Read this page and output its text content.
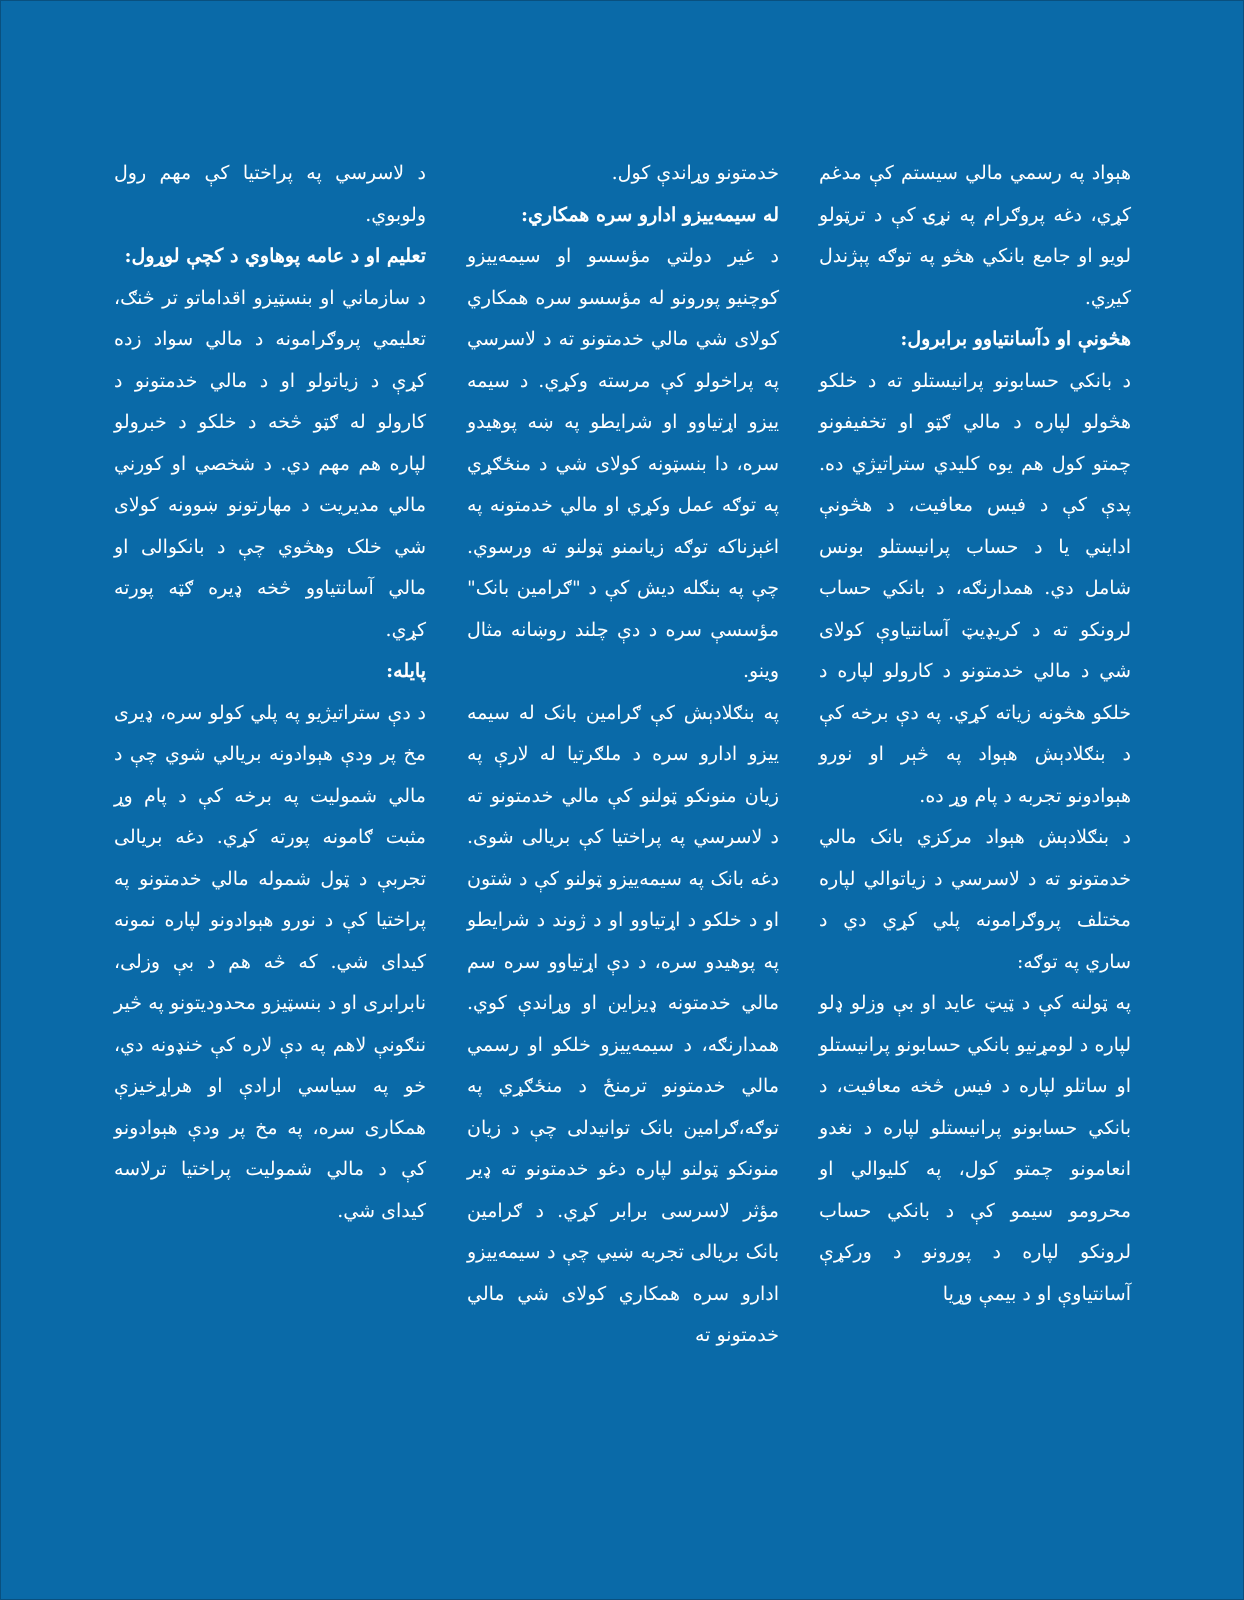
هېواد په رسمي مالي سيستم کې مدغم کړي، دغه پروګرام په نړۍ کې د ترټولو لويو او جامع بانکي هڅو په توګه پېژندل کيږي.

هڅونې او دآسانتياوو برابرول:

د بانکي حسابونو پرانيستلو ته د خلکو هڅولو لپاره د مالي ګټو او تخفيفونو چمتو کول هم يوه کليدي ستراتيژي ده. پدې کې د فيس معافيت، د هڅونې ادايني يا د حساب پرانيستلو بونس شامل دي. همدارنګه، د بانکي حساب لرونکو ته د کريډيټ آسانتياوې کولای شي د مالي خدمتونو د کارولو لپاره د خلکو هڅونه زياته کړي. په دې برخه کې د بنګلادېش هېواد په څېر او نورو هېوادونو تجربه د پام وړ ده.

د بنګلادېش هېواد مرکزي بانک مالي خدمتونو ته د لاسرسي د زياتوالي لپاره مختلف پروګرامونه پلي کړي دي د ساري په توګه:

په ټولنه کې د ټيټ عايد او بې وزلو ډلو لپاره د لومړنيو بانکي حسابونو پرانيستلو او ساتلو لپاره د فيس څخه معافيت، د بانکي حسابونو پرانيستلو لپاره د نغدو انعامونو چمتو کول، په کليوالي او محرومو سيمو کې د بانکي حساب لرونکو لپاره د پورونو د ورکړې آسانتياوې او د بيمې وړيا

خدمتونو وړاندې کول.

له سيمه‌ييزو ادارو سره همکاري:

د غير دولتي مؤسسو او سيمه‌ييزو کوچنيو پورونو له مؤسسو سره همکاري کولای شي مالي خدمتونو ته د لاسرسي په پراخولو کې مرسته وکړي. د سيمه ييزو اړتياوو او شرايطو په ښه پوهيدو سره، دا بنسټونه کولای شي د منځګړي په توګه عمل وکړي او مالي خدمتونه په اغېزناکه توګه زيانمنو ټولنو ته ورسوي. چې په بنګله ديش کې د "ګرامين بانک" مؤسسې سره د دې چلند روښانه مثال وينو.

په بنګلادېش کې ګرامين بانک له سيمه ييزو ادارو سره د ملګرتيا له لارې په زيان منونکو ټولنو کې مالي خدمتونو ته د لاسرسي په پراختيا کې بريالی شوی. دغه بانک په سيمه‌ييزو ټولنو کې د شتون او د خلکو د اړتياوو او د ژوند د شرايطو په پوهيدو سره، د دې اړتياوو سره سم مالي خدمتونه ډيزاين او وړاندې کوي. همدارنګه، د سيمه‌ييزو خلکو او رسمي مالي خدمتونو ترمنځ د منځګړي په توګه،ګرامين بانک توانيدلی چې د زيان منونکو ټولنو لپاره دغو خدمتونو ته ډير مؤثر لاسرسی برابر کړي. د ګرامين بانک بريالی تجربه ښيي چې د سيمه‌ييزو ادارو سره همکاري کولای شي مالي خدمتونو ته

د لاسرسي په پراختيا کې مهم رول ولوبوي.

تعليم او د عامه پوهاوي د کچې لوړول:

د سازماني او بنسټيزو اقداماتو تر څنګ، تعليمي پروګرامونه د مالي سواد زده کړې د زياتولو او د مالي خدمتونو د کارولو له ګټو څخه د خلکو د خبرولو لپاره هم مهم دي. د شخصي او کورني مالي مديريت د مهارتونو ښوونه کولای شي خلک وهڅوي چې د بانکوالی او مالي آسانتياوو څخه ډيره ګټه پورته کړي.

پايله:

د دې ستراتيژيو په پلي کولو سره، ډيری مخ پر ودې هېوادونه بريالي شوي چې د مالي شموليت په برخه کې د پام وړ مثبت ګامونه پورته کړي. دغه بريالی تجربې د ټول شموله مالي خدمتونو په پراختيا کې د نورو هېوادونو لپاره نمونه کيدای شي. که څه هم د بې وزلی، نابرابری او د بنسټيزو محدوديتونو په څير ننګونې لاهم په دې لاره کې خنډونه دي، خو په سياسي ارادې او هراړخيزې همکاری سره، په مخ پر ودې هېوادونو کې د مالي شموليت پراختيا ترلاسه کيدای شي.
